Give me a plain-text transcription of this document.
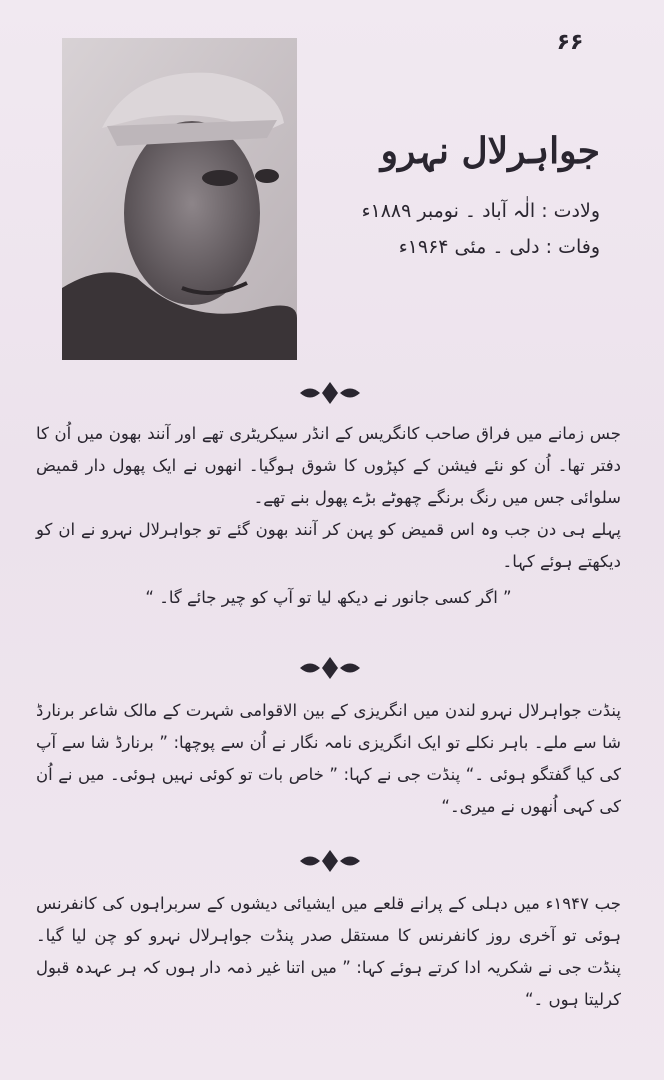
۶۶
جواہرلال نہرو
ولادت : الٰہ آباد ۔ نومبر ۱۸۸۹ء
وفات : دلی ۔ مئی ۱۹۶۴ء

جس زمانے میں فراق صاحب کانگریس کے انڈر سیکریٹری تھے اور آنند بھون میں اُن کا دفتر تھا۔ اُن کو نئے فیشن کے کپڑوں کا شوق ہوگیا۔ انھوں نے ایک پھول دار قمیض سلوائی جس میں رنگ برنگے چھوٹے بڑے پھول بنے تھے۔

پہلے ہی دن جب وہ اس قمیض کو پہن کر آنند بھون گئے تو جواہرلال نہرو نے ان کو دیکھتے ہوئے کہا۔

” اگر کسی جانور نے دیکھ لیا تو آپ کو چیر جائے گا۔ “

پنڈت جواہرلال نہرو لندن میں انگریزی کے بین الاقوامی شہرت کے مالک شاعر برنارڈ شا سے ملے۔ باہر نکلے تو ایک انگریزی نامہ نگار نے اُن سے پوچھا: ” برنارڈ شا سے آپ کی کیا گفتگو ہوئی ۔“ پنڈت جی نے کہا: ” خاص بات تو کوئی نہیں ہوئی۔ میں نے اُن کی کہی اُنھوں نے میری۔“

جب ۱۹۴۷ء میں دہلی کے پرانے قلعے میں ایشیائی دیشوں کے سربراہوں کی کانفرنس ہوئی تو آخری روز کانفرنس کا مستقل صدر پنڈت جواہرلال نہرو کو چن لیا گیا۔ پنڈت جی نے شکریہ ادا کرتے ہوئے کہا: ” میں اتنا غیر ذمہ دار ہوں کہ ہر عہدہ قبول کرلیتا ہوں ۔“
